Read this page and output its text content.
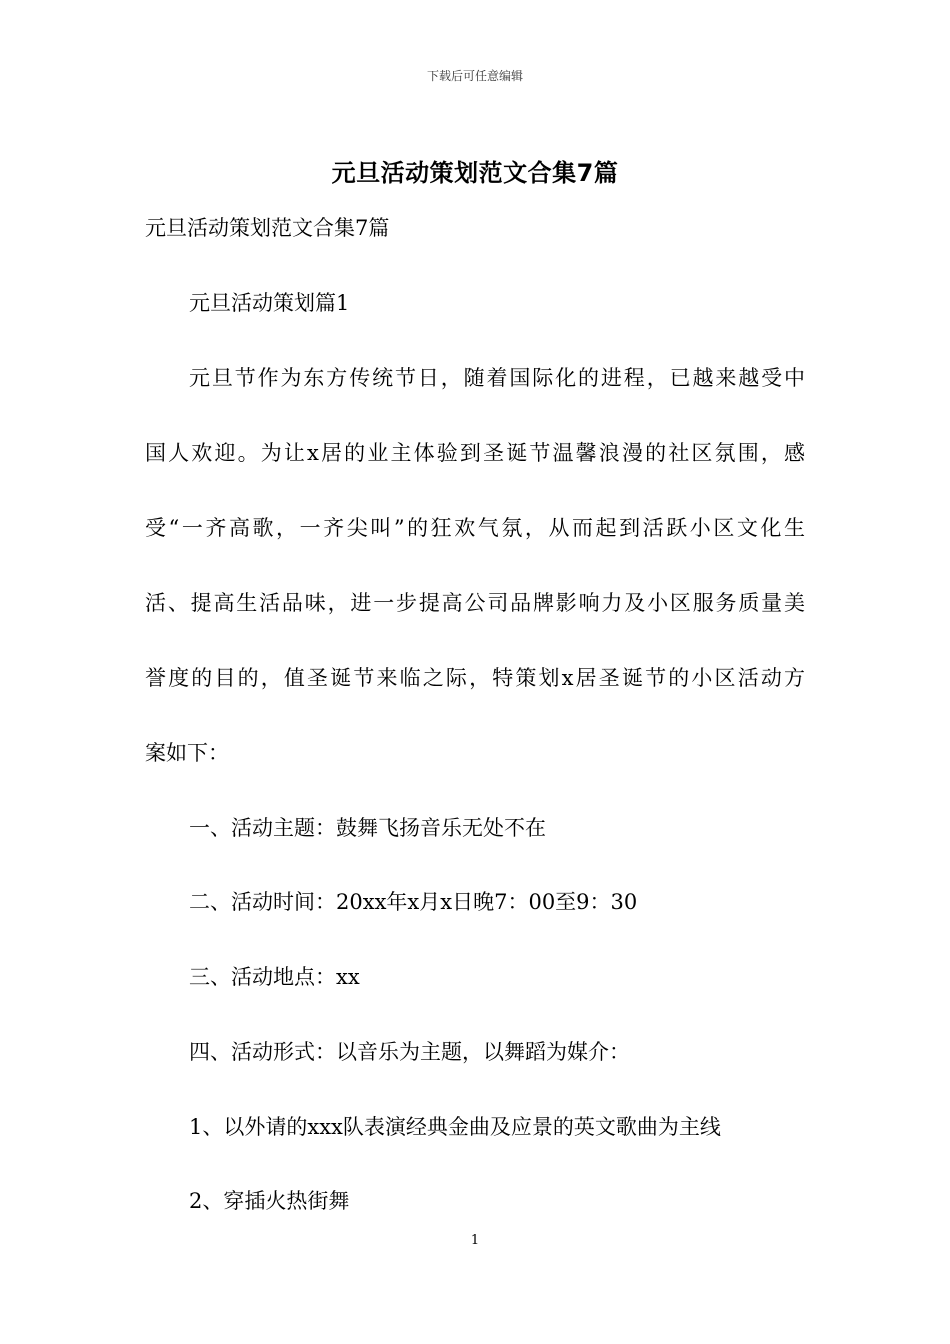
下载后可任意编辑
元旦活动策划范文合集7篇
元旦活动策划范文合集7篇
元旦活动策划篇1
元旦节作为东方传统节日，随着国际化的进程，已越来越受中
国人欢迎。为让x居的业主体验到圣诞节温馨浪漫的社区氛围，感
受“一齐高歌，一齐尖叫”的狂欢气氛，从而起到活跃小区文化生
活、提高生活品味，进一步提高公司品牌影响力及小区服务质量美
誉度的目的，值圣诞节来临之际，特策划x居圣诞节的小区活动方
案如下：
一、活动主题：鼓舞飞扬音乐无处不在
二、活动时间：20xx年x月x日晚7：00至9：30
三、活动地点：xx
四、活动形式：以音乐为主题，以舞蹈为媒介：
1、以外请的xxx队表演经典金曲及应景的英文歌曲为主线
2、穿插火热街舞
1
